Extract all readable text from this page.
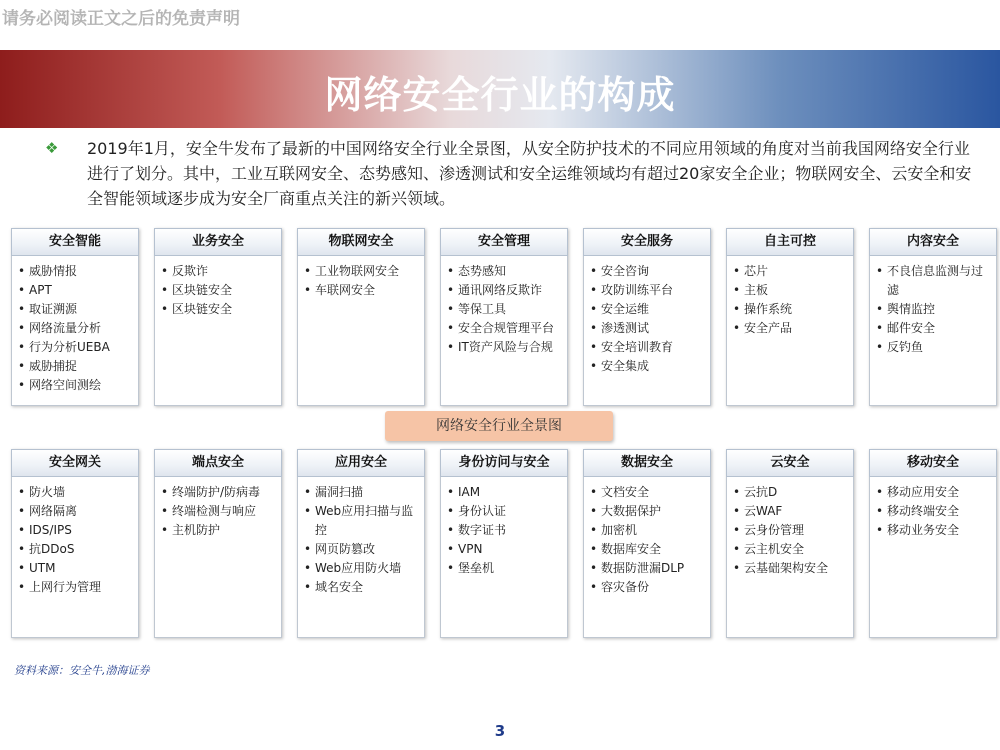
请务必阅读正文之后的免责声明
网络安全行业的构成
❖	2019年1月，安全牛发布了最新的中国网络安全行业全景图，从安全防护技术的不同应用领域的角度对当前我国网络安全行业进行了划分。其中，工业互联网安全、态势感知、渗透测试和安全运维领域均有超过20家安全企业；物联网安全、云安全和安全智能领域逐步成为安全厂商重点关注的新兴领域。
安全智能
• 威胁情报
• APT
• 取证溯源
• 网络流量分析
• 行为分析UEBA
• 威胁捕捉
• 网络空间测绘
业务安全
• 反欺诈
• 区块链安全
• 区块链安全
物联网安全
• 工业物联网安全
• 车联网安全
安全管理
• 态势感知
• 通讯网络反欺诈
• 等保工具
• 安全合规管理平台
• IT资产风险与合规
安全服务
• 安全咨询
• 攻防训练平台
• 安全运维
• 渗透测试
• 安全培训教育
• 安全集成
自主可控
• 芯片
• 主板
• 操作系统
• 安全产品
内容安全
• 不良信息监测与过滤
• 舆情监控
• 邮件安全
• 反钓鱼
网络安全行业全景图
安全网关
• 防火墙
• 网络隔离
• IDS/IPS
• 抗DDoS
• UTM
• 上网行为管理
端点安全
• 终端防护/防病毒
• 终端检测与响应
• 主机防护
应用安全
• 漏洞扫描
• Web应用扫描与监控
• 网页防篡改
• Web应用防火墙
• 域名安全
身份访问与安全
• IAM
• 身份认证
• 数字证书
• VPN
• 堡垒机
数据安全
• 文档安全
• 大数据保护
• 加密机
• 数据库安全
• 数据防泄漏DLP
• 容灾备份
云安全
• 云抗D
• 云WAF
• 云身份管理
• 云主机安全
• 云基础架构安全
移动安全
• 移动应用安全
• 移动终端安全
• 移动业务安全
资料来源：安全牛,渤海证券
3
